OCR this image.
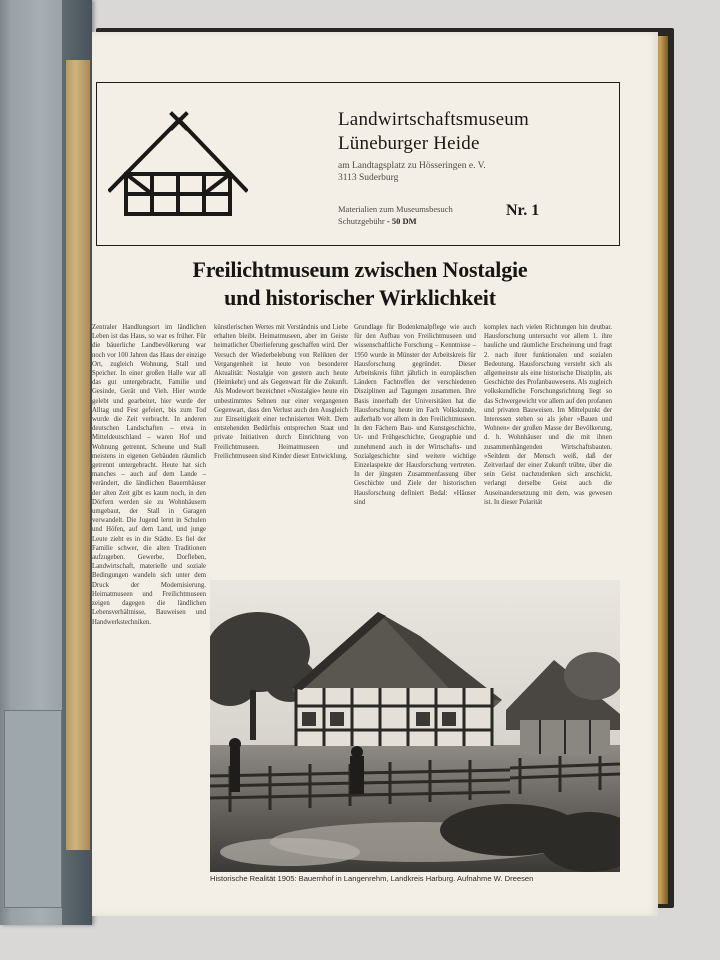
Landwirtschaftsmuseum
Lüneburger Heide
am Landtagsplatz zu Hösseringen e. V.
3113 Suderburg
Materialien zum Museumsbesuch
Schutzgebühr - 50 DM
Nr. 1
Freilichtmuseum zwischen Nostalgie
und historischer Wirklichkeit

Zentraler Handlungsort im ländlichen Leben ist das Haus, so war es früher. Für die bäuerliche Landbevölkerung war noch vor 100 Jahren das Haus der einzige Ort, zugleich Wohnung, Stall und Speicher. In einer großen Halle war all das gut untergebracht, Familie und Gesinde, Gerät und Vieh. Hier wurde gelebt und gearbeitet, hier wurde der Alltag und Fest gefeiert, bis zum Tod wurde die Zeit verbracht. In anderen deutschen Landschaften – etwa in Mitteldeutschland – waren Hof und Wohnung getrennt, Scheune und Stall meistens in eigenen Gebäuden räumlich getrennt untergebracht. Heute hat sich manches – auch auf dem Lande – verändert, die ländlichen Bauernhäuser der alten Zeit gibt es kaum noch, in den Dörfern werden sie zu Wohnhäusern umgebaut, der Stall in Garagen verwandelt. Die Jugend lernt in Schulen und Höfen, auf dem Land, und junge Leute zieht es in die Städte. Es fiel der Familie schwer, die alten Traditionen aufzugeben. Gewerbe, Dorfleben, Landwirtschaft, materielle und soziale Bedingungen wandeln sich unter dem Druck der Modernisierung. Heimatmuseen und Freilichtmuseen zeigen dagegen die ländlichen Lebensverhältnisse, Bauweisen und Handwerkstechniken.

künstlerischen Wertes mit Verständnis und Liebe erhalten bleibt. Heimatmuseen, aber im Geiste heimatlicher Überlieferung geschaffen wird. Der Versuch der Wiederbelebung von Relikten der Vergangenheit ist heute von besonderer Aktualität: Nostalgie von gestern auch heute (Heimkehr) und als Gegenwart für die Zukunft. Als Modewort bezeichnet »Nostalgie« heute ein unbestimmtes Sehnen nur einer vergangenen Gegenwart, dass den Verlust auch den Ausgleich zur Einseitigkeit einer technisierten Welt. Dem entstehenden Bedürfnis entsprechen Staat und private Initiativen durch Einrichtung von Freilichtmuseen. Heimatmuseen und Freilichtmuseen sind Kinder dieser Entwicklung.

Grundlage für Bodenkmalpflege wie auch für den Aufbau von Freilichtmuseen und wissenschaftliche Forschung – Kenntnisse – 1950 wurde in Münster der Arbeitskreis für Hausforschung gegründet. Dieser Arbeitskreis führt jährlich in europäischen Ländern Fachtreffen der verschiedenen Disziplinen auf Tagungen zusammen. Ihre Basis innerhalb der Universitäten hat die Hausforschung heute im Fach Volkskunde, außerhalb vor allem in den Freilichtmuseen. In den Fächern Bau- und Kunstgeschichte, Ur- und Frühgeschichte, Geographie und zunehmend auch in der Wirtschafts- und Sozialgeschichte sind weitere wichtige Einzelaspekte der Hausforschung vertreten. In der jüngsten Zusammenfassung über Geschichte und Ziele der historischen Hausforschung definiert Bedal: »Häuser sind

komplex nach vielen Richtungen hin deutbar. Hausforschung untersucht vor allem 1. ihre bauliche und räumliche Erscheinung und fragt 2. nach ihrer funktionalen und sozialen Bedeutung. Hausforschung versteht sich als allgemeinste als eine historische Disziplin, als Geschichte des Profanbauwesens. Als zugleich volkskundliche Forschungsrichtung liegt so das Schwergewicht vor allem auf den profanen und privaten Bauweisen. Im Mittelpunkt der Interessen stehen so als jeher »Bauen und Wohnen« der großen Masse der Bevölkerung, d. h. Wohnhäuser und die mit ihnen zusammenhängenden Wirtschaftsbauten. »Seitdem der Mensch weiß, daß der Zeitverlauf der einer Zukunft trübte, über die sein Geist nachzudenken sich anschickt, verlangt derselbe Geist auch die Auseinandersetzung mit dem, was gewesen ist. In dieser Polarität

Historische Realität 1905: Bauernhof in Langenrehm, Landkreis Harburg. Aufnahme W. Dreesen
